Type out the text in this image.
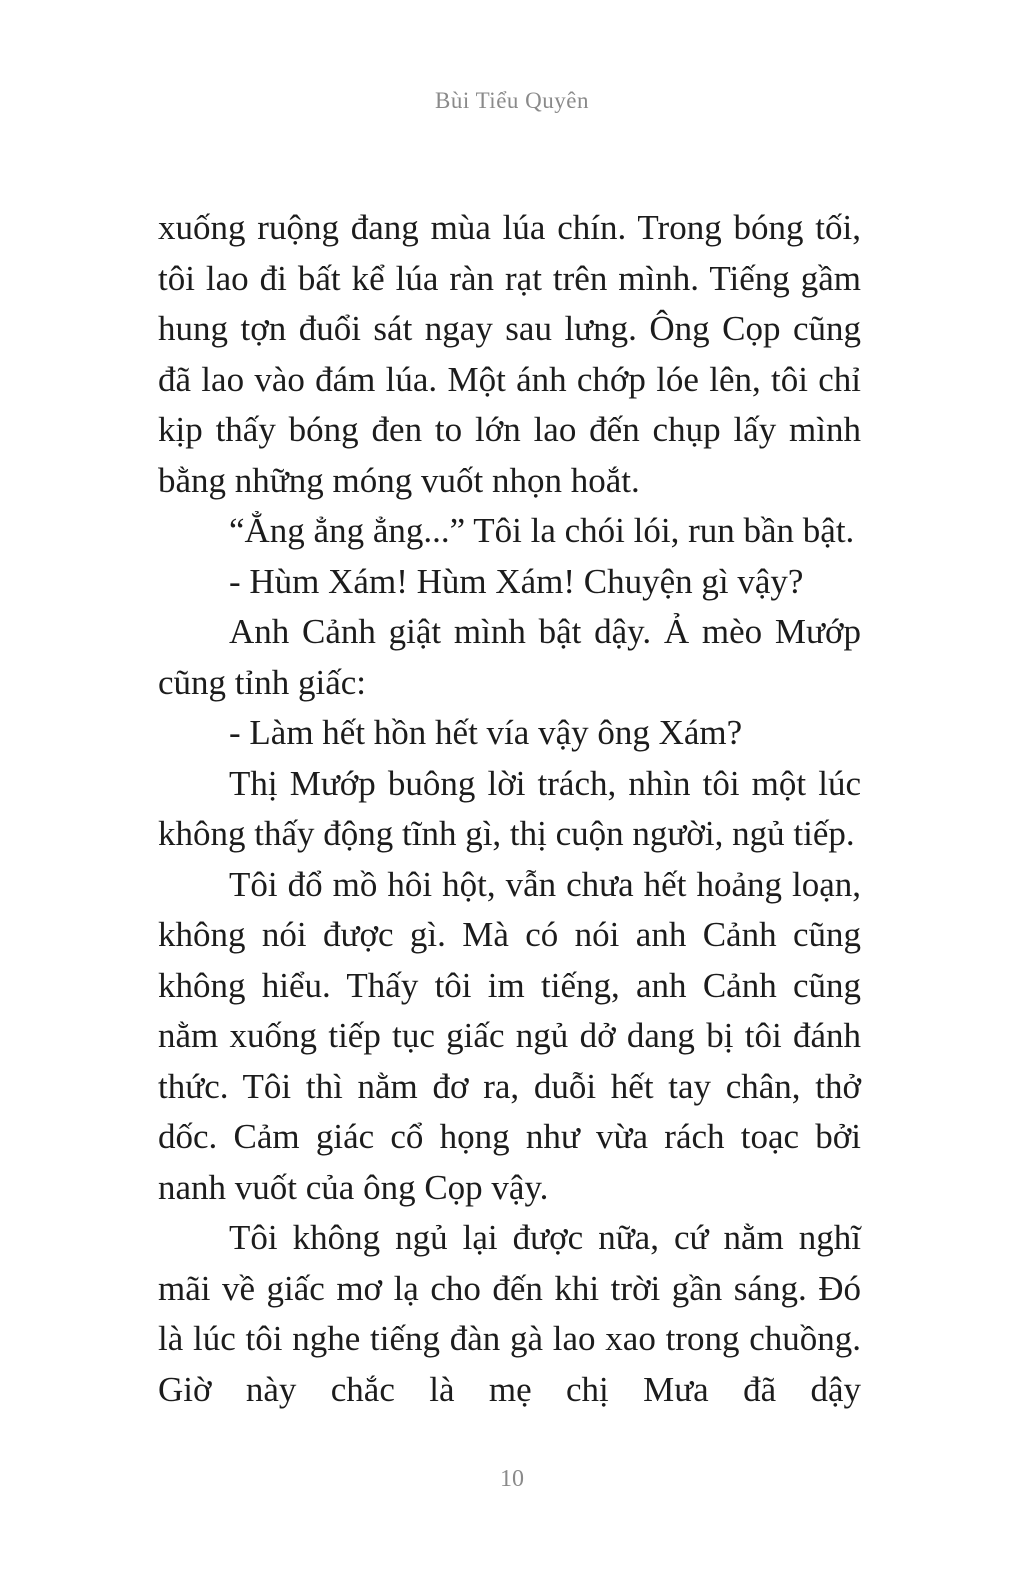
Bùi Tiểu Quyên

xuống ruộng đang mùa lúa chín. Trong bóng tối, tôi lao đi bất kể lúa ràn rạt trên mình. Tiếng gầm hung tợn đuổi sát ngay sau lưng. Ông Cọp cũng đã lao vào đám lúa. Một ánh chớp lóe lên, tôi chỉ kịp thấy bóng đen to lớn lao đến chụp lấy mình bằng những móng vuốt nhọn hoắt.

“Ẳng ẳng ẳng...” Tôi la chói lói, run bần bật.

- Hùm Xám! Hùm Xám! Chuyện gì vậy?

Anh Cảnh giật mình bật dậy. Ả mèo Mướp cũng tỉnh giấc:

- Làm hết hồn hết vía vậy ông Xám?

Thị Mướp buông lời trách, nhìn tôi một lúc không thấy động tĩnh gì, thị cuộn người, ngủ tiếp.

Tôi đổ mồ hôi hột, vẫn chưa hết hoảng loạn, không nói được gì. Mà có nói anh Cảnh cũng không hiểu. Thấy tôi im tiếng, anh Cảnh cũng nằm xuống tiếp tục giấc ngủ dở dang bị tôi đánh thức. Tôi thì nằm đơ ra, duỗi hết tay chân, thở dốc. Cảm giác cổ họng như vừa rách toạc bởi nanh vuốt của ông Cọp vậy.

Tôi không ngủ lại được nữa, cứ nằm nghĩ mãi về giấc mơ lạ cho đến khi trời gần sáng. Đó là lúc tôi nghe tiếng đàn gà lao xao trong chuồng. Giờ này chắc là mẹ chị Mưa đã dậy

10
